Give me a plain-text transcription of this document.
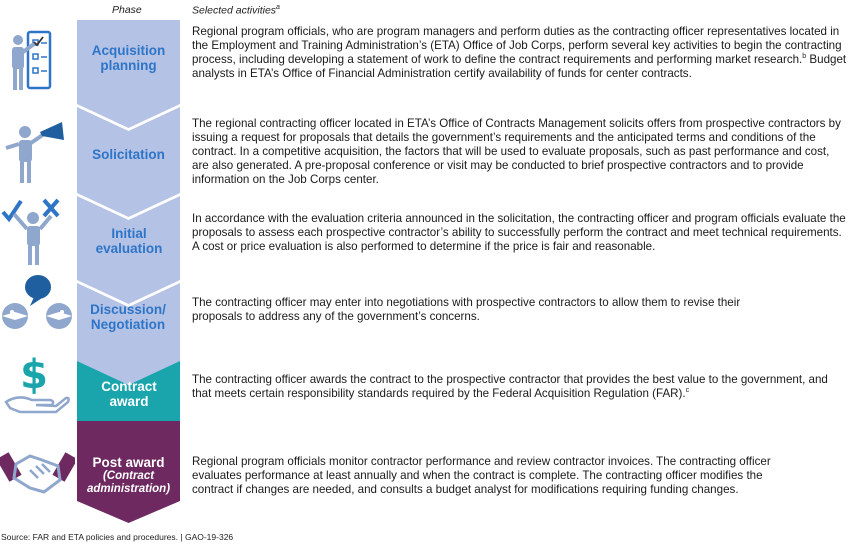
Phase	Selected activities$^a$
$
Acquisition planning
Solicitation
Initial evaluation
Discussion/ Negotiation
Contract award
Post award
(Contract administration)
Regional program officials, who are program managers and perform duties as the contracting officer representatives located in the Employment and Training Administration’s (ETA) Office of Job Corps, perform several key activities to begin the contracting process, including developing a statement of work to define the contract requirements and performing market research.$^b$ Budget analysts in ETA’s Office of Financial Administration certify availability of funds for center contracts.
The regional contracting officer located in ETA’s Office of Contracts Management solicits offers from prospective contractors by issuing a request for proposals that details the government’s requirements and the anticipated terms and conditions of the contract. In a competitive acquisition, the factors that will be used to evaluate proposals, such as past performance and cost, are also generated. A pre-proposal conference or visit may be conducted to brief prospective contractors and to provide information on the Job Corps center.
In accordance with the evaluation criteria announced in the solicitation, the contracting officer and program officials evaluate the proposals to assess each prospective contractor’s ability to successfully perform the contract and meet technical requirements. A cost or price evaluation is also performed to determine if the price is fair and reasonable.
The contracting officer may enter into negotiations with prospective contractors to allow them to revise their proposals to address any of the government’s concerns.
The contracting officer awards the contract to the prospective contractor that provides the best value to the government, and that meets certain responsibility standards required by the Federal Acquisition Regulation (FAR).$^c$
Regional program officials monitor contractor performance and review contractor invoices. The contracting officer evaluates performance at least annually and when the contract is complete. The contracting officer modifies the contract if changes are needed, and consults a budget analyst for modifications requiring funding changes.
Source: FAR and ETA policies and procedures. | GAO-19-326
